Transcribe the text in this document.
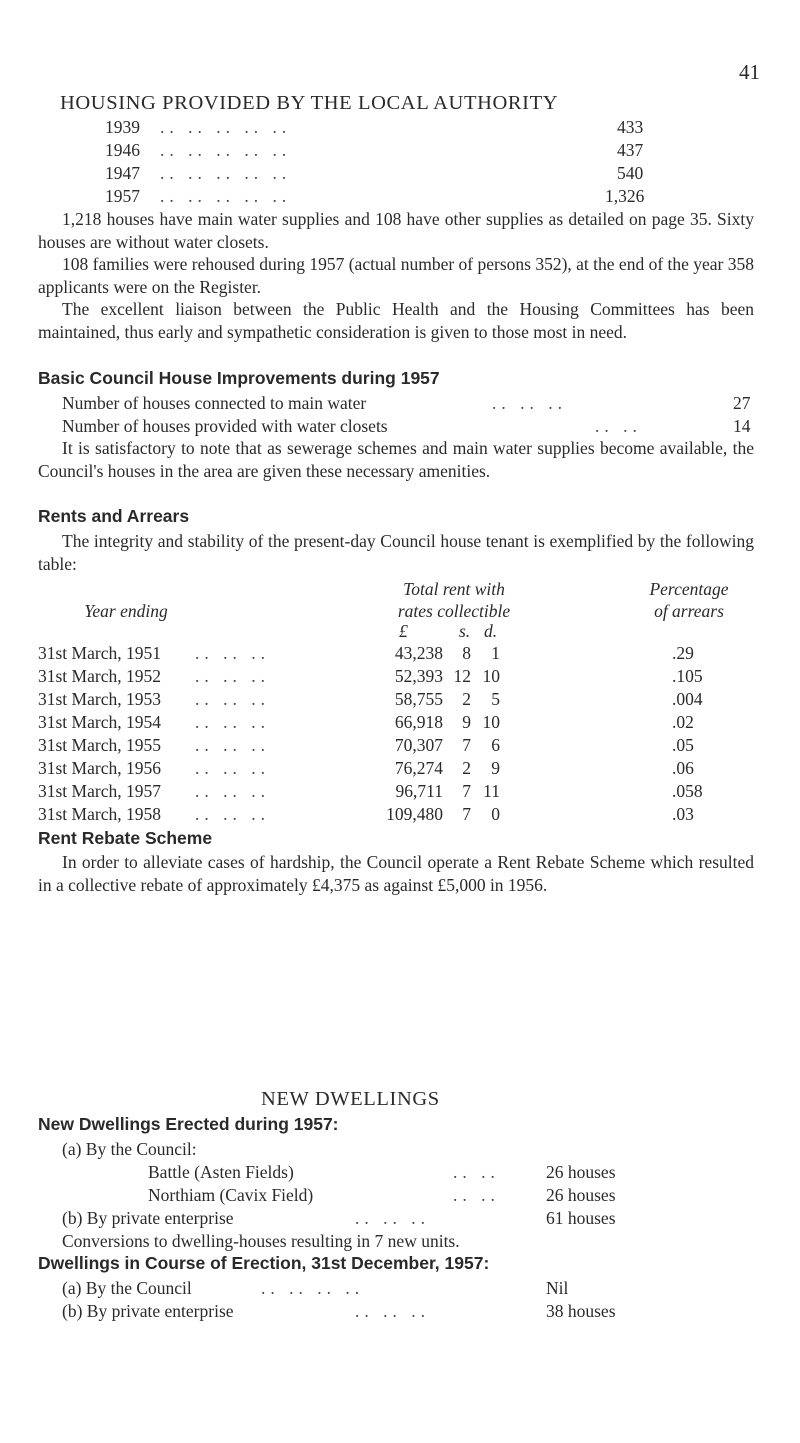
41
HOUSING PROVIDED BY THE LOCAL AUTHORITY
1939 .. .. .. .. ..	433
1946 .. .. .. .. ..	437
1947 .. .. .. .. ..	540
1957 .. .. .. .. ..	1,326
1,218 houses have main water supplies and 108 have other supplies as detailed on page 35. Sixty houses are without water closets.
108 families were rehoused during 1957 (actual number of persons 352), at the end of the year 358 applicants were on the Register.
The excellent liaison between the Public Health and the Housing Committees has been maintained, thus early and sympathetic consideration is given to those most in need.
Basic Council House Improvements during 1957
Number of houses connected to main water	.. .. ..	27
Number of houses provided with water closets	.. ..	14
It is satisfactory to note that as sewerage schemes and main water supplies become available, the Council's houses in the area are given these necessary amenities.
Rents and Arrears
The integrity and stability of the present-day Council house tenant is exemplified by the following table:
Total rent with	Percentage
Year ending	rates collectible	of arrears
£	s. d.
31st March, 1951	43,238 8 1	.29
.. .. ..
31st March, 1952	52,393 12 10	.105
.. .. ..
31st March, 1953	58,755 2 5	.004
.. .. ..
31st March, 1954	66,918 9 10	.02
.. .. ..
31st March, 1955	70,307 7 6	.05
.. .. ..
31st March, 1956	76,274 2 9	.06
.. .. ..
31st March, 1957	96,711 7 11	.058
.. .. ..
31st March, 1958	109,480 7 0	.03
.. .. ..
Rent Rebate Scheme
In order to alleviate cases of hardship, the Council operate a Rent Rebate Scheme which resulted in a collective rebate of approximately £4,375 as against £5,000 in 1956.
NEW DWELLINGS
New Dwellings Erected during 1957:
(a) By the Council:
Battle (Asten Fields)	.. ..	26 houses
Northiam (Cavix Field)	.. ..	26 houses
(b) By private enterprise	.. .. ..	61 houses
Conversions to dwelling-houses resulting in 7 new units.
Dwellings in Course of Erection, 31st December, 1957:
(a) By the Council	.. .. .. ..	Nil
(b) By private enterprise	.. .. ..	38 houses
